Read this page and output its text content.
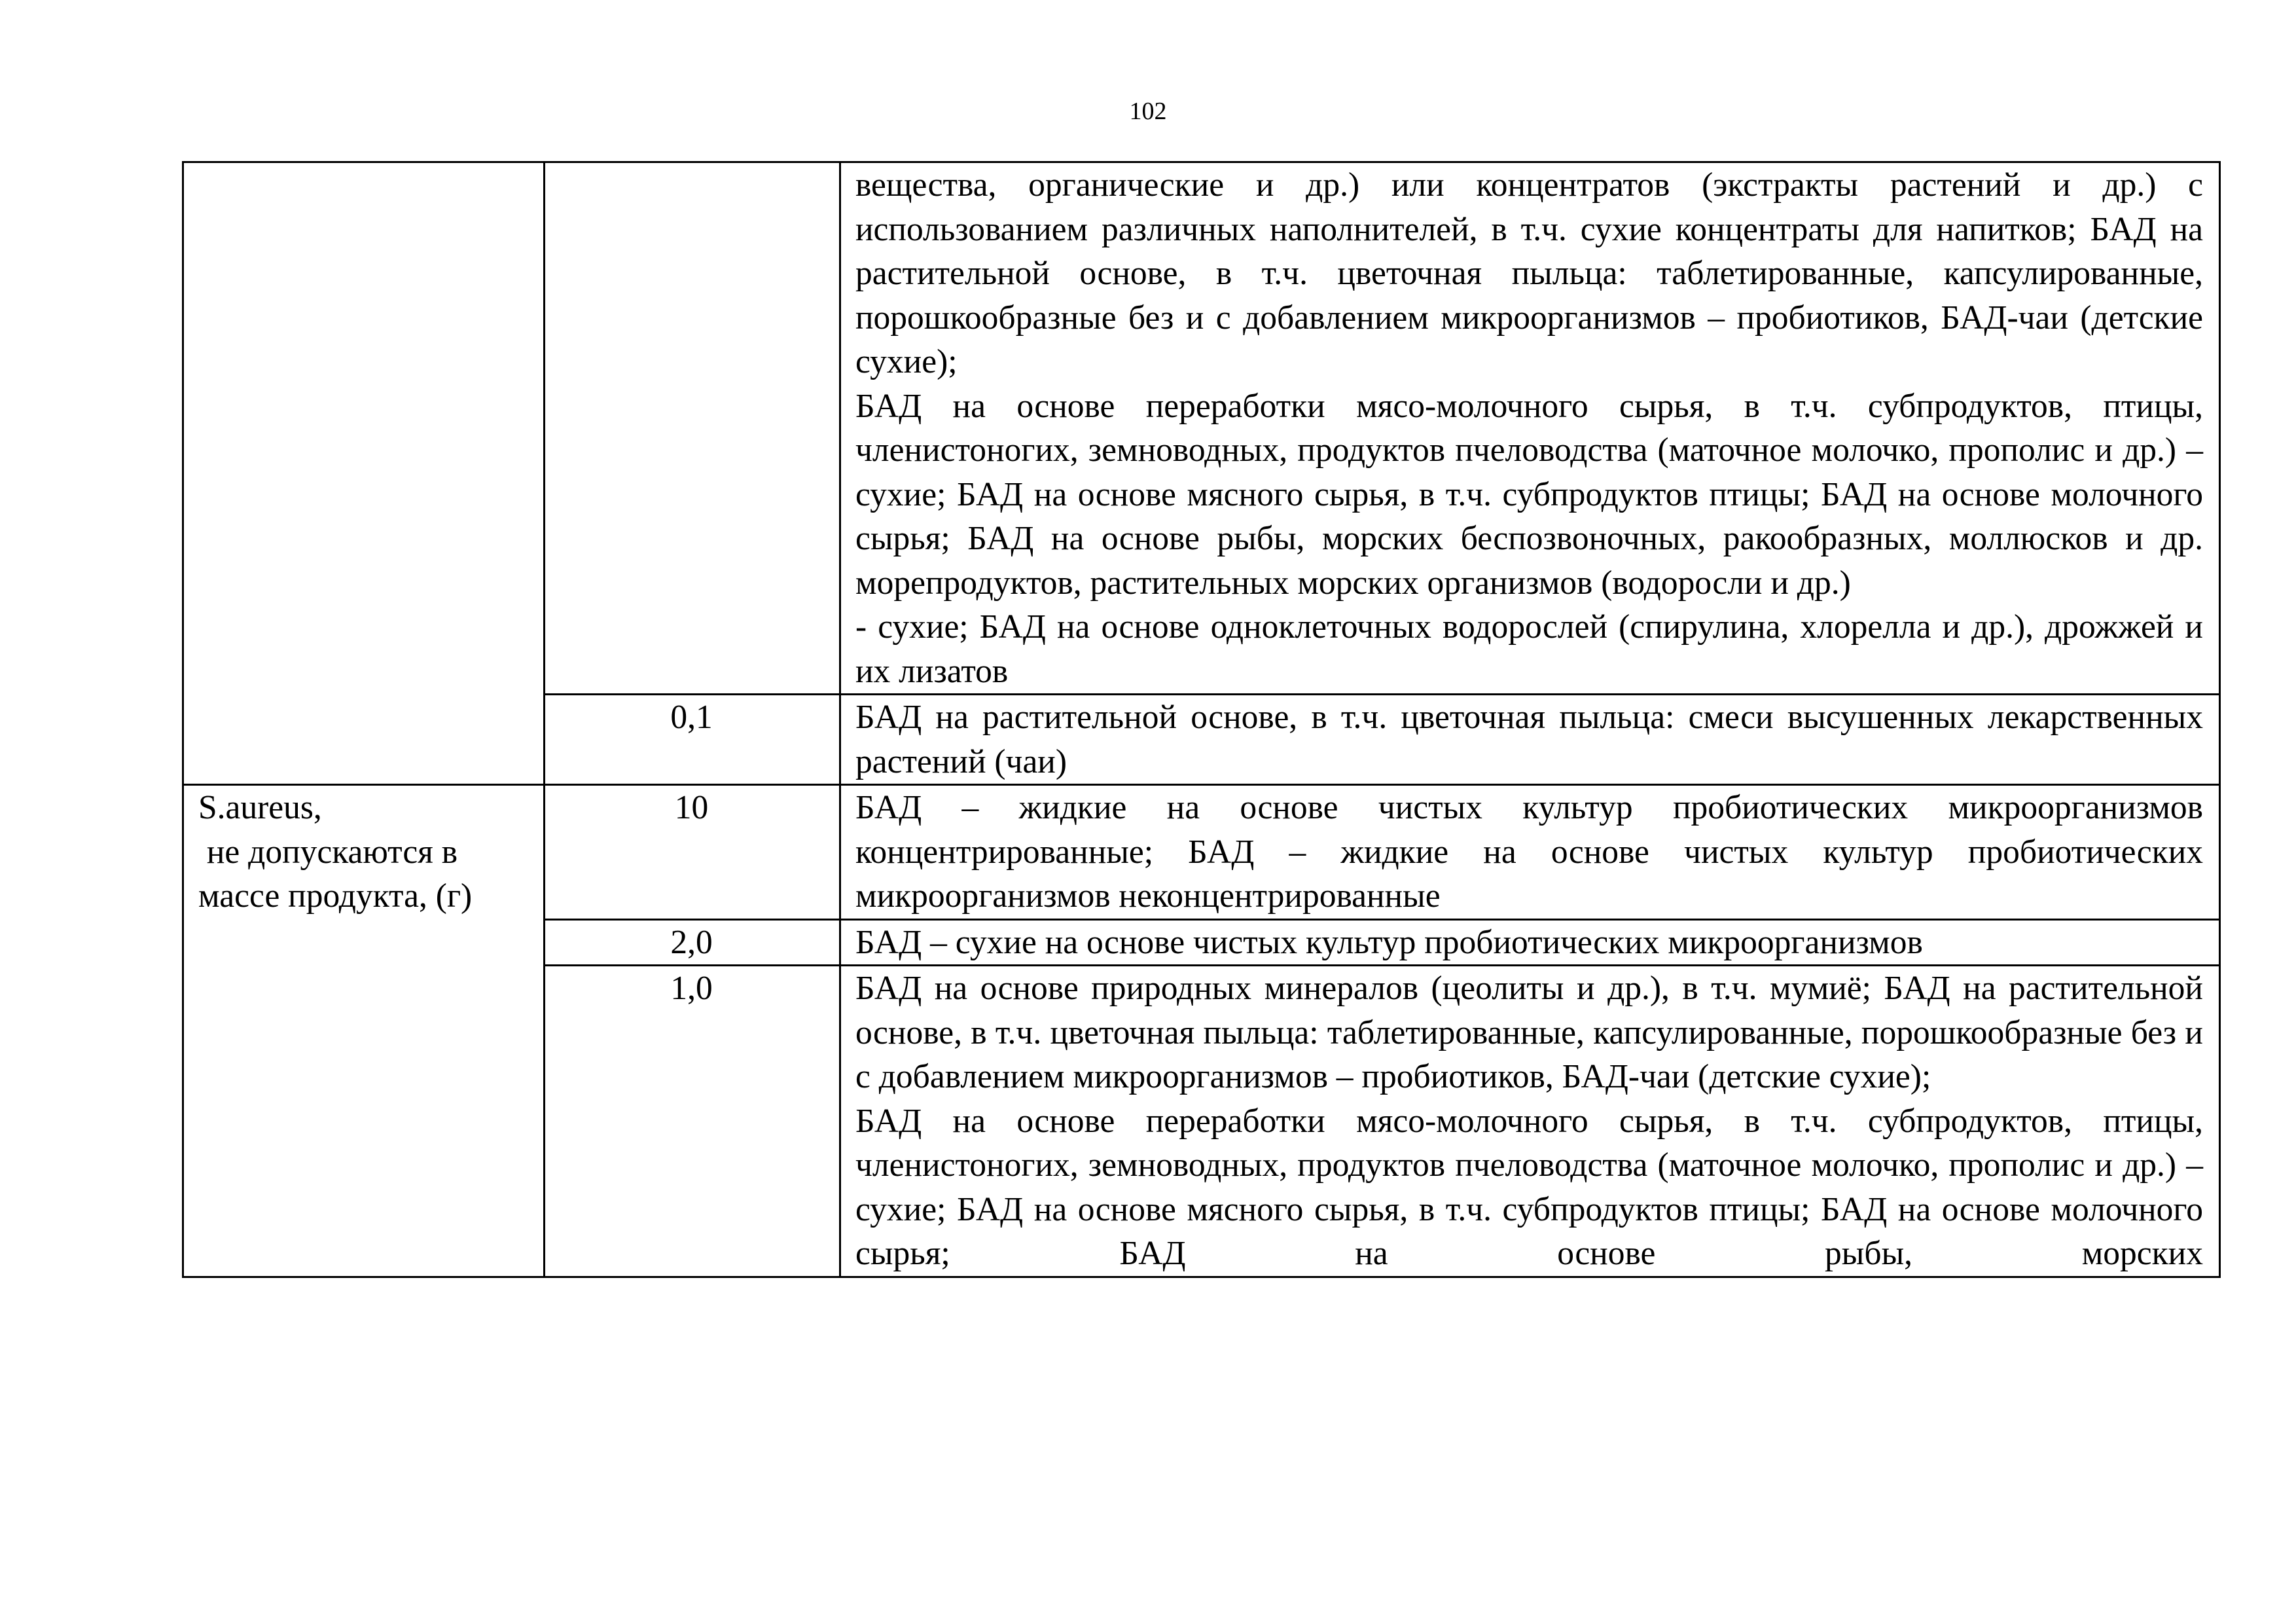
102

		вещества, органические и др.) или концентратов (экстракты растений и др.) с использованием различных наполнителей, в т.ч. сухие концентраты для напитков; БАД на растительной основе, в т.ч. цветочная пыльца: таблетированные, капсулированные, порошкообразные без и с добавлением микроорганизмов – пробиотиков, БАД-чаи (детские сухие);
БАД на основе переработки мясо-молочного сырья, в т.ч. субпродуктов, птицы, членистоногих, земноводных, продуктов пчеловодства (маточное молочко, прополис и др.) – сухие; БАД на основе мясного сырья, в т.ч. субпродуктов птицы; БАД на основе молочного сырья; БАД на основе рыбы, морских беспозвоночных, ракообразных, моллюсков и др. морепродуктов, растительных морских организмов (водоросли и др.)
- сухие; БАД на основе одноклеточных водорослей (спирулина, хлорелла и др.), дрожжей и их лизатов

	0,1	БАД на растительной основе, в т.ч. цветочная пыльца: смеси высушенных лекарственных растений (чаи)

S.aureus,
не допускаются в
массе продукта, (г)	10	БАД – жидкие на основе чистых культур пробиотических микроорганизмов концентрированные; БАД – жидкие на основе чистых культур пробиотических микроорганизмов неконцентрированные

	2,0	БАД – сухие на основе чистых культур пробиотических микроорганизмов

	1,0	БАД на основе природных минералов (цеолиты и др.), в т.ч. мумиё; БАД на растительной основе, в т.ч. цветочная пыльца: таблетированные, капсулированные, порошкообразные без и с добавлением микроорганизмов – пробиотиков, БАД-чаи (детские сухие);
БАД на основе переработки мясо-молочного сырья, в т.ч. субпродуктов, птицы, членистоногих, земноводных, продуктов пчеловодства (маточное молочко, прополис и др.) – сухие; БАД на основе мясного сырья, в т.ч. субпродуктов птицы; БАД на основе молочного сырья; БАД на основе рыбы, морских
